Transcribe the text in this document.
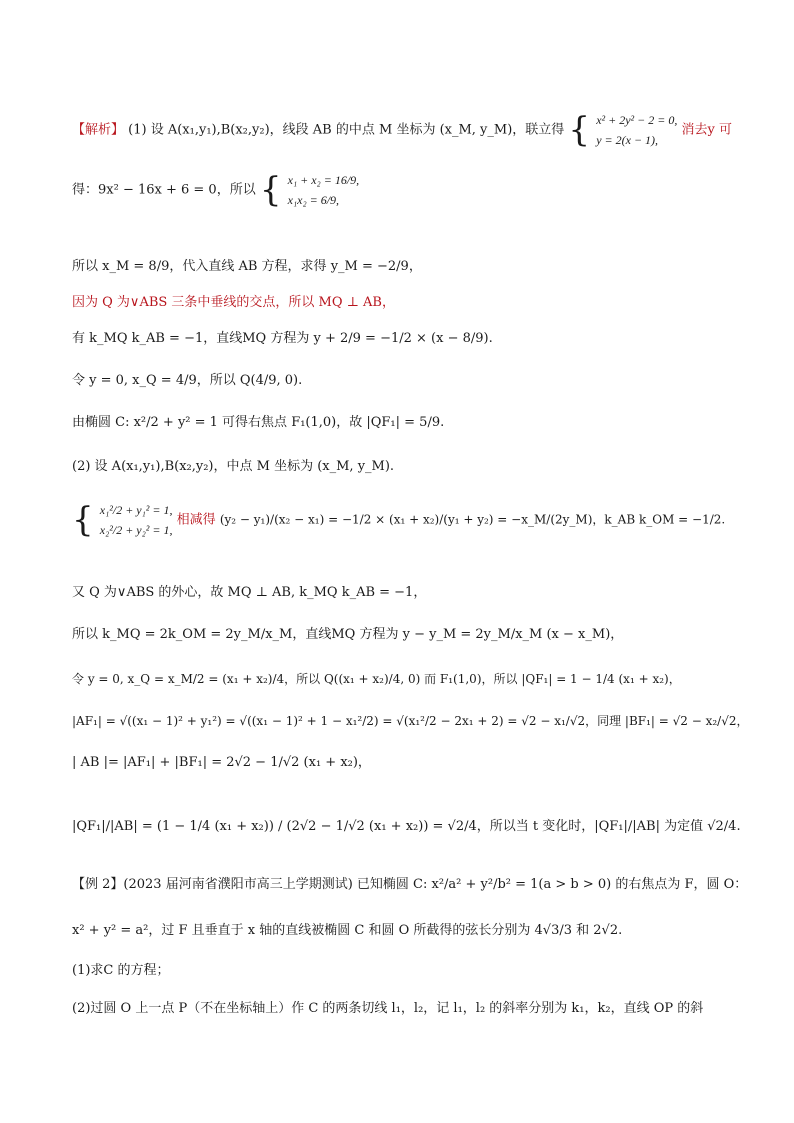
【解析】 (1) 设 A(x₁,y₁),B(x₂,y₂)，线段 AB 的中点 M 坐标为 (x_M, y_M)，联立得 { x² + 2y² − 2 = 0,
y = 2(x − 1),
消去y 可
得：9x² − 16x + 6 = 0，所以 { x₁ + x₂ = 16/9,
x₁x₂ = 6/9,
所以 x_M = 8/9，代入直线 AB 方程，求得 y_M = −2/9，
因为 Q 为∨ABS 三条中垂线的交点，所以 MQ ⊥ AB，
有 k_MQ k_AB = −1，直线MQ 方程为 y + 2/9 = −1/2 × (x − 8/9).
令 y = 0, x_Q = 4/9，所以 Q(4/9, 0).
由椭圆 C: x²/2 + y² = 1 可得右焦点 F₁(1,0)，故 |QF₁| = 5/9.
(2) 设 A(x₁,y₁),B(x₂,y₂)，中点 M 坐标为 (x_M, y_M).
{ x₁²/2 + y₁² = 1,
x₂²/2 + y₂² = 1,
相减得 (y₂ − y₁)/(x₂ − x₁) = −1/2 × (x₁ + x₂)/(y₁ + y₂) = −x_M/(2y_M)，k_AB k_OM = −1/2.
又 Q 为∨ABS 的外心，故 MQ ⊥ AB, k_MQ k_AB = −1，
所以 k_MQ = 2k_OM = 2y_M/x_M，直线MQ 方程为 y − y_M = 2y_M/x_M (x − x_M)，
令 y = 0, x_Q = x_M/2 = (x₁ + x₂)/4，所以 Q((x₁ + x₂)/4, 0) 而 F₁(1,0)，所以 |QF₁| = 1 − 1/4 (x₁ + x₂)，
|AF₁| = √((x₁ − 1)² + y₁²) = √((x₁ − 1)² + 1 − x₁²/2) = √(x₁²/2 − 2x₁ + 2) = √2 − x₁/√2，同理 |BF₁| = √2 − x₂/√2，
| AB |= |AF₁| + |BF₁| = 2√2 − 1/√2 (x₁ + x₂)，
|QF₁|/|AB| = (1 − 1/4 (x₁ + x₂)) / (2√2 − 1/√2 (x₁ + x₂)) = √2/4，所以当 t 变化时，|QF₁|/|AB| 为定值 √2/4.
【例 2】(2023 届河南省濮阳市高三上学期测试) 已知椭圆 C: x²/a² + y²/b² = 1(a > b > 0) 的右焦点为 F，圆 O：
x² + y² = a²，过 F 且垂直于 x 轴的直线被椭圆 C 和圆 O 所截得的弦长分别为 4√3/3 和 2√2.
(1)求C 的方程；
(2)过圆 O 上一点 P（不在坐标轴上）作 C 的两条切线 l₁，l₂，记 l₁，l₂ 的斜率分别为 k₁，k₂，直线 OP 的斜
